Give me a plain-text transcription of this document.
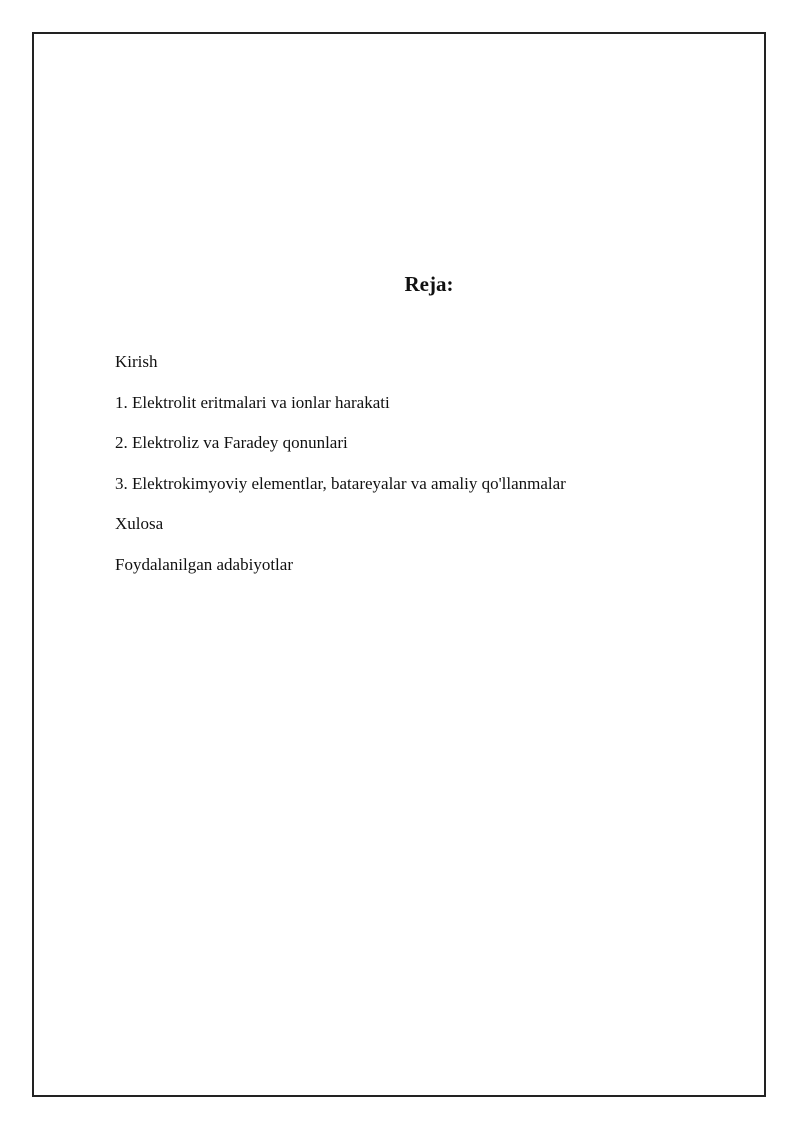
Reja:
Kirish
1. Elektrolit eritmalari va ionlar harakati
2. Elektroliz va Faradey qonunlari
3. Elektrokimyoviy elementlar, batareyalar va amaliy qo'llanmalar
Xulosa
Foydalanilgan adabiyotlar
